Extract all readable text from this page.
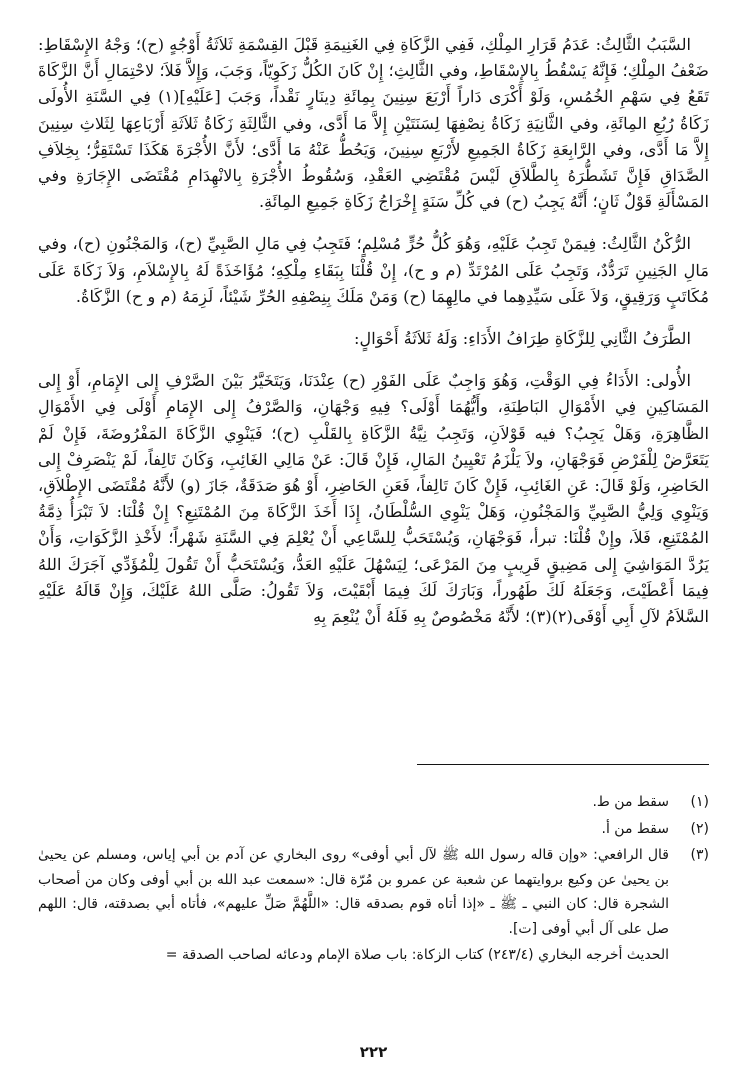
السَّبَبُ الثَّالِثُ: عَدَمُ قَرَارِ المِلْكِ، فَفِي الزَّكَاةِ فِي الغَنِيمَةِ قَبْلَ القِسْمَةِ ثَلاَثَةُ أَوْجُهٍ (ح)؛ وَجْهُ الإِسْقَاطِ: ضَعْفُ المِلْكِ؛ فَإِنَّهُ يَسْقُطُ بِالإِسْقَاطِ، وفي الثَّالِثِ؛ إِنْ كَانَ الكُلُّ زَكَوِيّاً، وَجَبَ، وَإِلاَّ فَلاَ؛ لاحْتِمَالِ أَنَّ الزَّكَاةَ تَقَعُ فِي سَهْمِ الخُمُسِ، وَلَوْ أَكْرَى دَاراً أَرْبَعَ سِنِينَ بِمِائَةِ دِينَارٍ نَقْداً، وَجَبَ [عَلَيْهِ](١) فِي السَّنَةِ الأُولَى زَكَاةُ رُبُعِ المِائَةِ، وفي الثَّانِيَةِ زَكَاةُ نِصْفِهَا لِسَنَتَيْنِ إِلاَّ مَا أَدَّى، وفي الثَّالِثَةِ زَكَاةُ ثَلاَثَةِ أَرْبَاعِهَا لِثَلاثِ سِنِينَ إِلاَّ مَا أَدَّى، وفي الرَّابِعَةِ زَكَاةُ الجَمِيعِ لأَرْبَعِ سِنِينَ، وَيَحُطُّ عَنْهُ مَا أَدَّى؛ لأَنَّ الأُجْرَةَ هَكَذَا تَسْتَقِرُّ؛ بِخِلاَفِ الصَّدَاقِ فَإِنَّ تَشَطُّرَهُ بِالطَّلاَقِ لَيْسَ مُقْتَضِي العَقْدِ، وَسُقُوطُ الأُجْرَةِ بِالانْهِدَامِ مُقْتَضَى الإِجَارَةِ وفي المَسْأَلَةِ قَوْلٌ ثَانٍ؛ أَنَّهُ يَجِبُ (ح) في كُلِّ سَنَةٍ إِخْرَاجُ زَكَاةِ جَمِيعِ المِائَةِ.

الرُّكْنُ الثَّالِثُ: فِيمَنْ تَجِبُ عَلَيْهِ، وَهُوَ كُلُّ حُرٍّ مُسْلِمٍ؛ فَتَجِبُ فِي مَالِ الصَّبِيِّ (ح)، وَالمَجْنُونِ (ح)، وفي مَالِ الجَنِينِ تَرَدُّدٌ، وَتَجِبُ عَلَى المُرْتَدِّ (م و ح)، إِنْ قُلْنَا بِبَقَاءِ مِلْكِهِ؛ مُؤَاخَذَةً لَهُ بِالإِسْلاَمِ، وَلاَ زَكَاةَ عَلَى مُكَاتَبٍ وَرَقِيقٍ، وَلاَ عَلَى سَيِّدِهِما في مالِهِمَا (ح) وَمَنْ مَلَكَ بِنِصْفِهِ الحُرِّ شَيْئاً، لَزِمَهُ (م و ح) الزَّكَاةُ.

الطَّرَفُ الثَّانِي لِلزَّكَاةِ طِرَافُ الأَدَاءِ: وَلَهُ ثَلاَثَةُ أَحْوَالٍ:

الأُولى: الأَدَاءُ فِي الوَقْتِ، وَهُوَ وَاجِبٌ عَلَى الفَوْرِ (ح) عِنْدَنَا، وَيَتَخَيَّرُ بَيْنَ الصَّرْفِ إِلى الإِمَامِ، أَوْ إِلى المَسَاكِينِ فِي الأَمْوَالِ البَاطِنَةِ، وأَيُّهُمَا أَوْلَى؟ فِيهِ وَجْهَانِ، وَالصَّرْفُ إِلى الإِمَامِ أَوْلَى فِي الأَمْوَالِ الظَّاهِرَةِ، وَهَلْ يَجِبُ؟ فيه قَوْلاَنِ، وَتَجِبُ نِيَّةُ الزَّكَاةِ بِالقَلْبِ (ح)؛ فَيَنْوِي الزَّكَاةَ المَفْرُوضَةَ، فَإِنْ لَمْ يَتَعَرَّضْ لِلْفَرْضِ فَوَجْهَانِ، ولاَ يَلْزَمُ تَعْيِينُ المَالِ، فَإِنْ قَالَ: عَنْ مَالِي الغَائِبِ، وَكَانَ تَالِفاً، لَمْ يَنْصَرِفْ إِلى الحَاضِرِ، وَلَوْ قَالَ: عَنِ الغَائِبِ، فَإِنْ كَانَ تَالِفاً، فَعَنِ الحَاضِرِ، أَوْ هُوَ صَدَقَةٌ، جَازَ (و) لأَنَّهُ مُقْتَضَى الإِطْلاَقِ، وَيَنْوِي وَلِيُّ الصَّبِيِّ وَالمَجْنُونِ، وَهَلْ يَنْوِي السُّلْطَانُ، إِذَا أَخَذَ الزَّكَاةَ مِنَ المُمْتَنِعِ؟ إِنْ قُلْنَا: لاَ تَبْرَأُ ذِمَّةُ المُمْتَنِعِ، فَلاَ، وإِنْ قُلْنَا: تبرأ، فَوَجْهَانِ، وَيُسْتَحَبُّ لِلسَّاعِي أَنْ يُعْلِمَ فِي السَّنَةِ شَهْراً؛ لأَخْذِ الزَّكَوَاتِ، وَأَنْ يَرُدَّ المَوَاشِيَ إِلى مَضِيقٍ قَرِيبٍ مِنَ المَرْعَى؛ لِيَسْهُلَ عَلَيْهِ العَدُّ، وَيُسْتَحَبُّ أَنْ تَقُولَ لِلْمُؤَدِّي آجَرَكَ اللهُ فِيمَا أَعْطَيْتَ، وَجَعَلَهُ لَكَ طَهُوراً، وَبَارَكَ لَكَ فِيمَا أَبْقَيْتَ، وَلاَ تَقُولُ: صَلَّى اللهُ عَلَيْكَ، وَإِنْ قَالَهُ عَلَيْهِ السَّلاَمُ لآلِ أَبِي أَوْفَى(٢)(٣)؛ لأَنَّهُ مَخْصُوصٌ بِهِ فَلَهُ أَنْ يُنْعِمَ بِهِ

(١)
سقط من ط.
(٢)
سقط من أ.
(٣)
قال الرافعي: «وإن قاله رسول الله ﷺ لآل أبي أوفى» روى البخاري عن آدم بن أبي إياس، ومسلم عن يحيىٰ بن يحيىٰ عن وكيع بروايتهما عن شعبة عن عمرو بن مُرّة قال: «سمعت عبد الله بن أبي أوفى وكان من أصحاب الشجرة قال: كان النبي ـ ﷺ ـ «إذا أتاه قوم بصدقه قال: «اللَّهُمَّ صَلِّ عليهم»، فأتاه أبي بصدقته، قال: اللهم صل على آل أبي أوفى [ت].
الحديث أخرجه البخاري (٢٤٣/٤) كتاب الزكاة: باب صلاة الإمام ودعائه لصاحب الصدقة =
٢٢٢
